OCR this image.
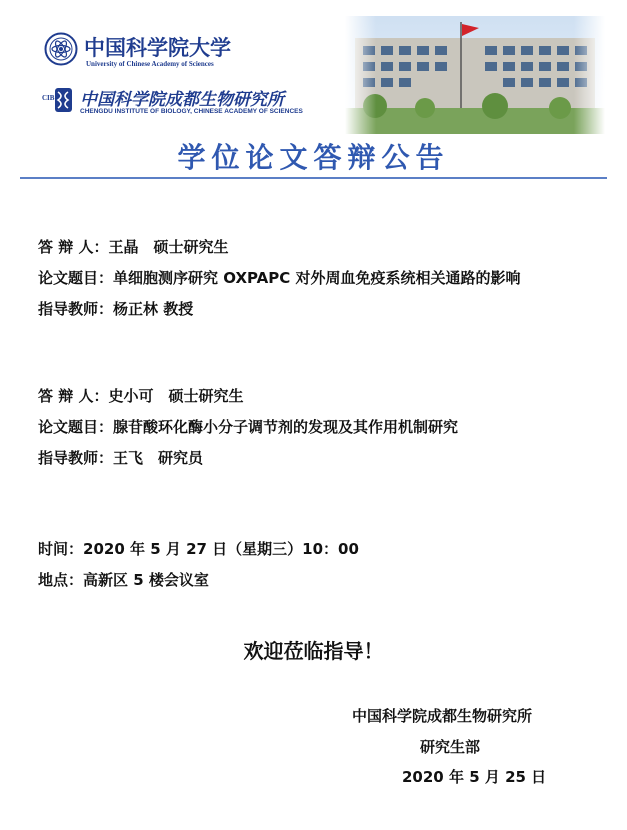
中国科学院大学
University of Chinese Academy of Sciences
CIB 中国科学院成都生物研究所
CHENGDU INSTITUTE OF BIOLOGY, CHINESE ACADEMY OF SCIENCES
学位论文答辩公告
答 辩 人：王晶　硕士研究生
论文题目：单细胞测序研究 OXPAPC 对外周血免疫系统相关通路的影响
指导教师：杨正林 教授
答 辩 人：史小可　硕士研究生
论文题目：腺苷酸环化酶小分子调节剂的发现及其作用机制研究
指导教师：王飞　研究员
时间：2020 年 5 月 27 日（星期三）10：00
地点：高新区 5 楼会议室
欢迎莅临指导！
中国科学院成都生物研究所
研究生部
2020 年 5 月 25 日
